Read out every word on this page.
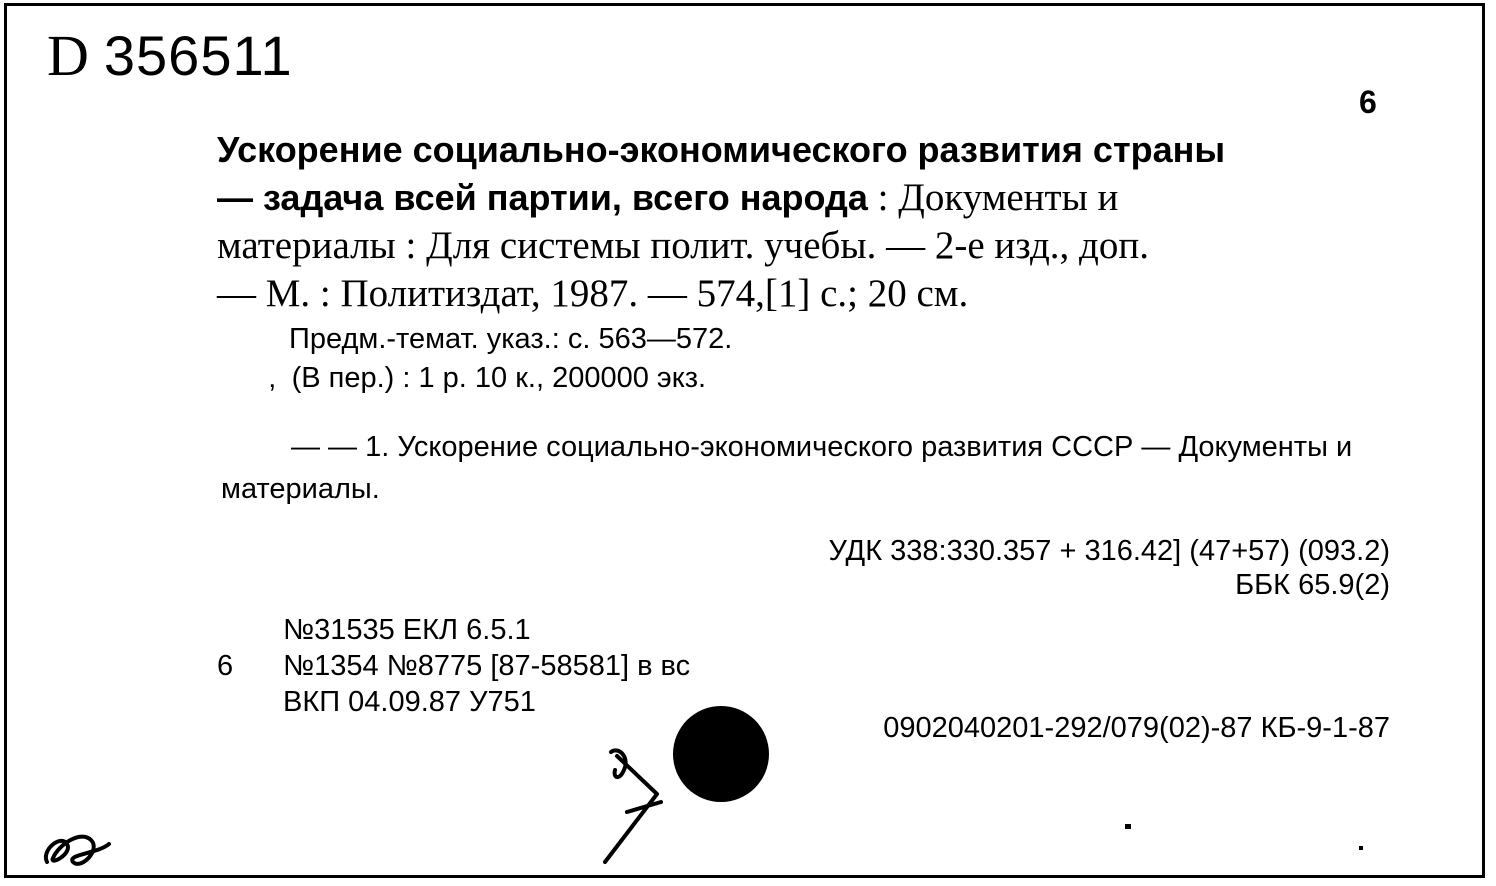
D 356511
6
Ускорение социально-экономического развития страны
— задача всей партии, всего народа : Документы и
материалы : Для системы полит. учебы. — 2-е изд., доп.
— М. : Политиздат, 1987. — 574,[1] с.; 20 см.
Предм.-темат. указ.: с. 563—572.
‚  (В пер.) : 1 р. 10 к., 200000 экз.
— — 1. Ускорение социально-экономического развития СССР — Документы и материалы.
УДК 338:330.357 + 316.42] (47+57) (093.2)
ББК 65.9(2)
№31535 ЕКЛ 6.5.1
6 №1354 №8775 [87-58581] в вс
ВКП 04.09.87 У751
0902040201-292/079(02)-87 КБ-9-1-87
